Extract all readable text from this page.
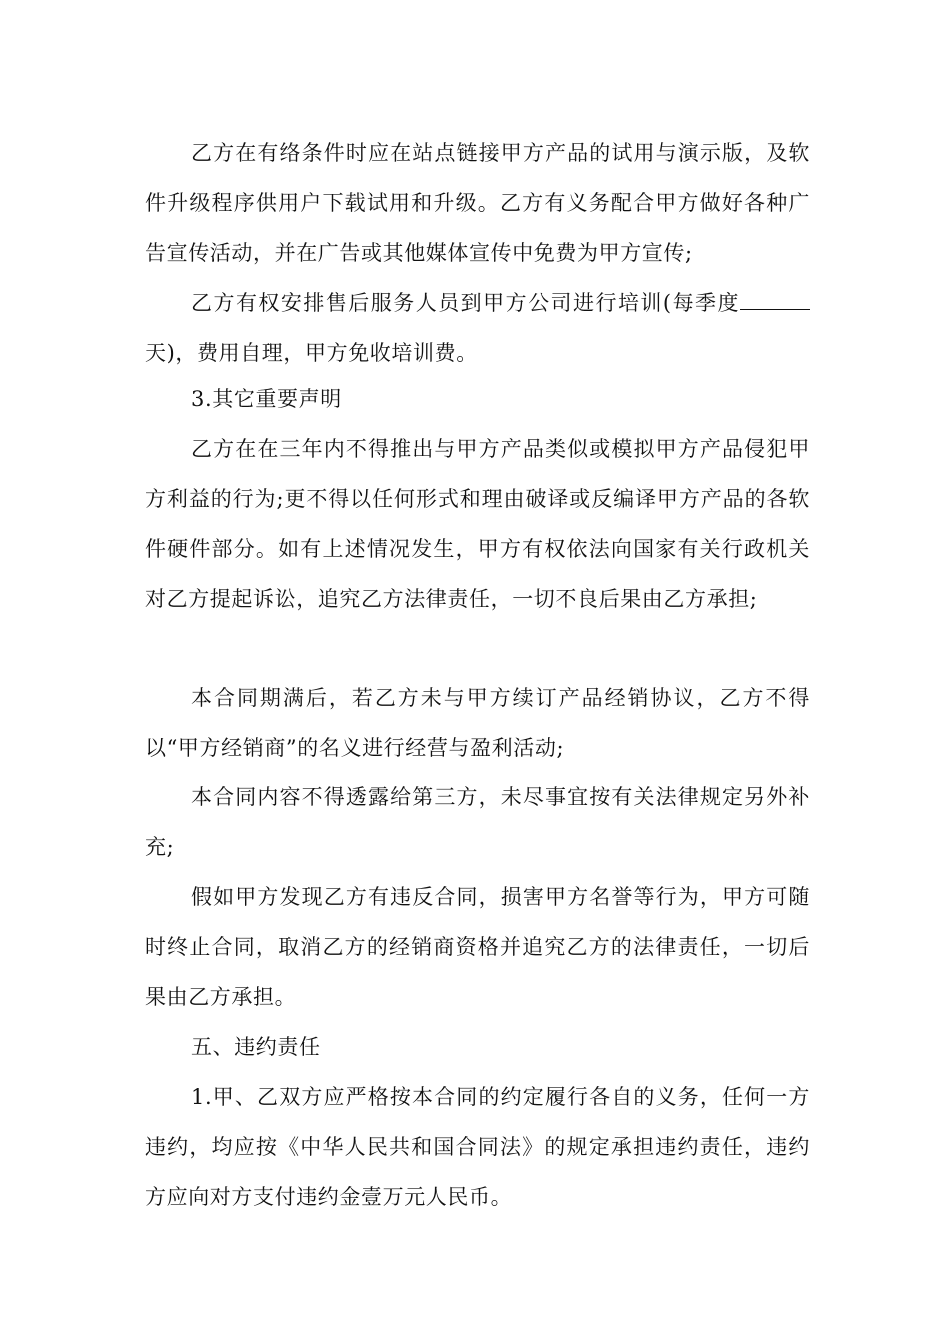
乙方在有络条件时应在站点链接甲方产品的试用与演示版，及软件升级程序供用户下载试用和升级。乙方有义务配合甲方做好各种广告宣传活动，并在广告或其他媒体宣传中免费为甲方宣传;

乙方有权安排售后服务人员到甲方公司进行培训(每季度天)，费用自理，甲方免收培训费。

3.其它重要声明

乙方在在三年内不得推出与甲方产品类似或模拟甲方产品侵犯甲方利益的行为;更不得以任何形式和理由破译或反编译甲方产品的各软件硬件部分。如有上述情况发生，甲方有权依法向国家有关行政机关对乙方提起诉讼，追究乙方法律责任，一切不良后果由乙方承担;

本合同期满后，若乙方未与甲方续订产品经销协议，乙方不得以“甲方经销商”的名义进行经营与盈利活动;

本合同内容不得透露给第三方，未尽事宜按有关法律规定另外补充;

假如甲方发现乙方有违反合同，损害甲方名誉等行为，甲方可随时终止合同，取消乙方的经销商资格并追究乙方的法律责任，一切后果由乙方承担。

五、违约责任

1.甲、乙双方应严格按本合同的约定履行各自的义务，任何一方违约，均应按《中华人民共和国合同法》的规定承担违约责任，违约方应向对方支付违约金壹万元人民币。
